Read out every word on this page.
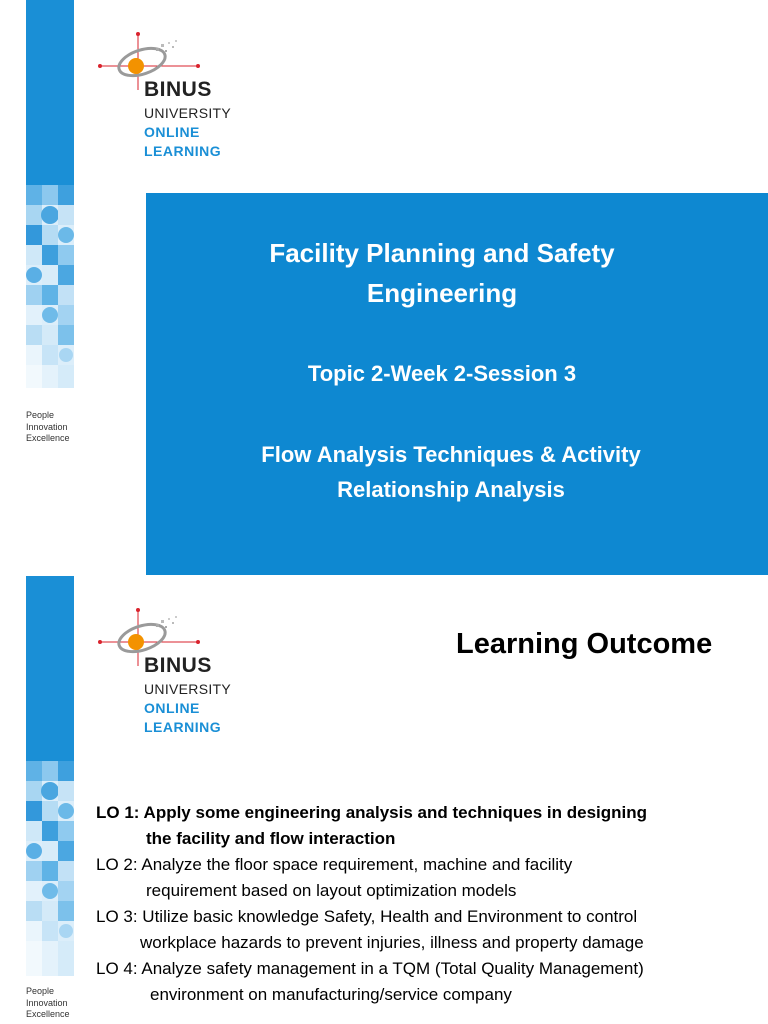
People
Innovation
Excellence
BINUS
UNIVERSITY
ONLINE
LEARNING
Facility Planning and Safety
Engineering
Topic 2-Week 2-Session 3
Flow Analysis Techniques & Activity
Relationship Analysis
People
Innovation
Excellence
BINUS
UNIVERSITY
ONLINE
LEARNING
Learning Outcome
LO 1: Apply some engineering analysis and techniques in designing
the facility and flow interaction
LO 2: Analyze the floor space requirement, machine and facility
requirement based on layout optimization models
LO 3: Utilize basic knowledge Safety, Health and Environment to control
workplace hazards to prevent injuries, illness and property damage
LO 4: Analyze safety management in a TQM (Total Quality Management)
environment on manufacturing/service company
